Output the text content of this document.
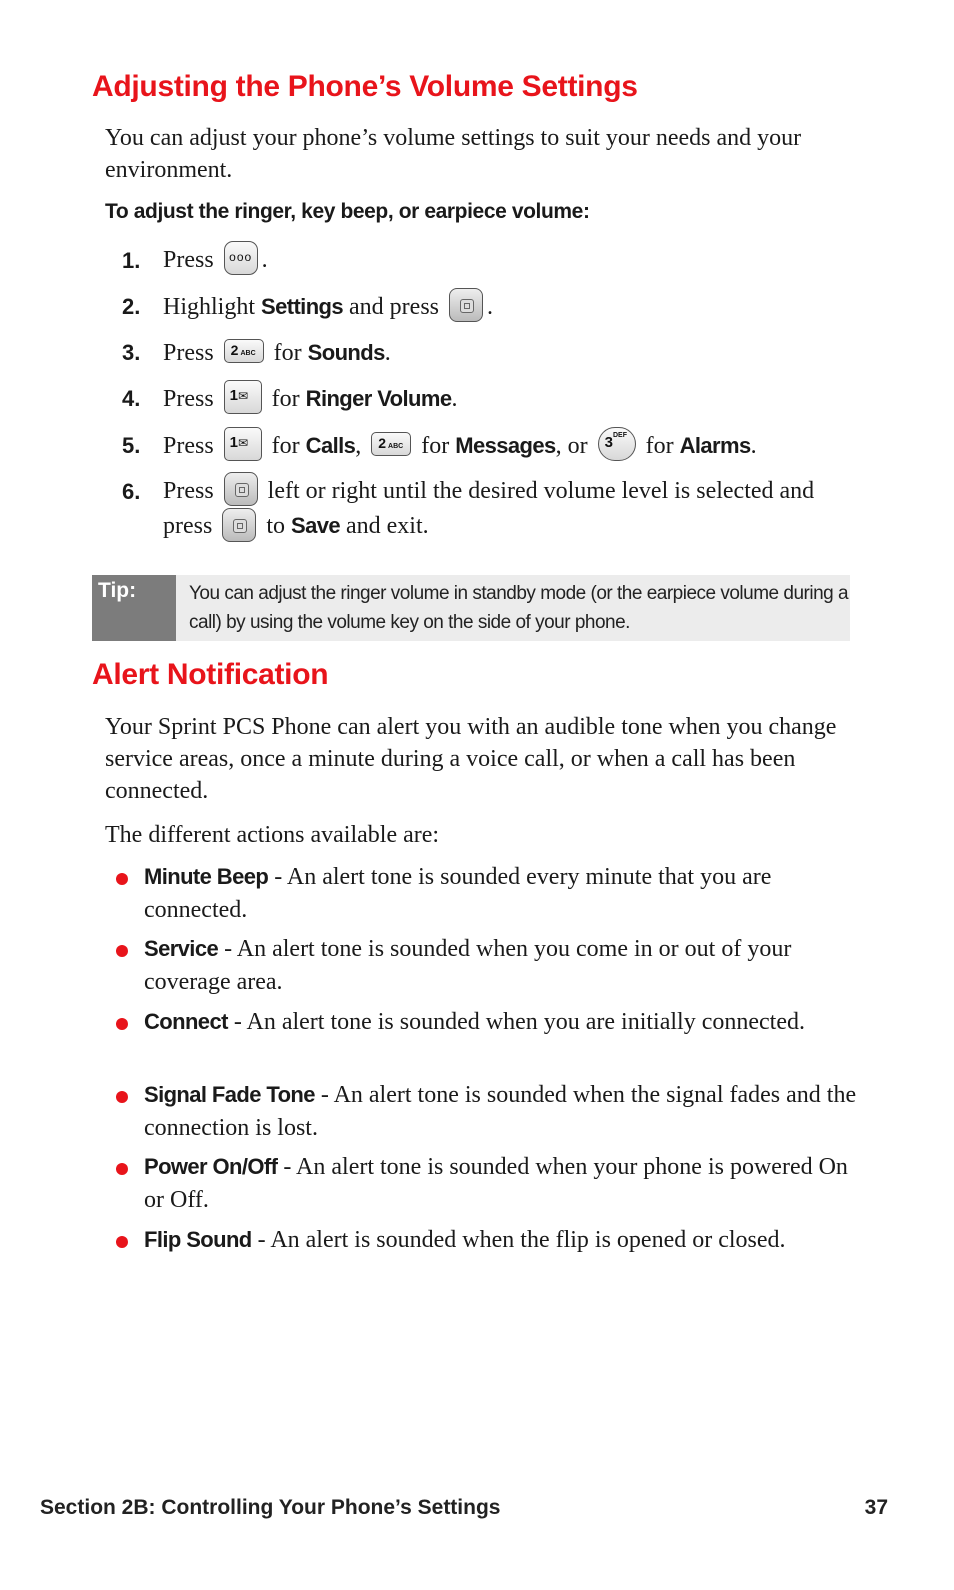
Adjusting the Phone’s Volume Settings

You can adjust your phone’s volume settings to suit your needs and your environment.

To adjust the ringer, key beep, or earpiece volume:

1. Press ooo .
2. Highlight Settings and press .
3. Press 2 ABC for Sounds.
4. Press 1✉ for Ringer Volume.
5. Press 1✉ for Calls, 2 ABC for Messages, or $3^{DEF}$ for Alarms.
6. Press left or right until the desired volume level is selected and press to Save and exit.
Tip:	You can adjust the ringer volume in standby mode (or the earpiece volume during a call) by using the volume key on the side of your phone.
Alert Notification

Your Sprint PCS Phone can alert you with an audible tone when you change service areas, once a minute during a voice call, or when a call has been connected.

The different actions available are:

Minute Beep - An alert tone is sounded every minute that you are connected.
Service - An alert tone is sounded when you come in or out of your coverage area.
Connect - An alert tone is sounded when you are initially connected.
Signal Fade Tone - An alert tone is sounded when the signal fades and the connection is lost.
Power On/Off - An alert tone is sounded when your phone is powered On or Off.
Flip Sound - An alert is sounded when the flip is opened or closed.
Section 2B: Controlling Your Phone’s Settings	37
